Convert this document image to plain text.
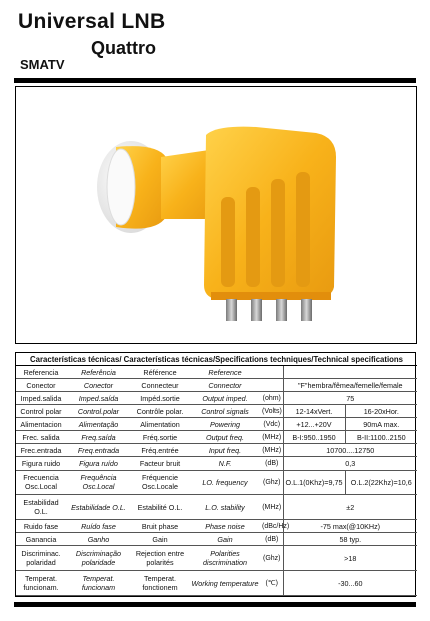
Universal LNB
Quattro
SMATV
Características técnicas/ Características técnicas/Specifications techniques/Technical specifications						
Referencia	Referência	Référence	Reference			
Conector	Conector	Connecteur	Connector		"F"hembra/fêmea/femelle/female	
Imped.salida	Imped.saída	Impéd.sortie	Output imped.	(ohm)	75	
Control polar	Control.polar	Contrôle polar.	Control signals	(Volts)	12-14xVert.	16-20xHor.
Alimentacion	Alimentação	Alimentation	Powering	(Vdc)	+12...+20V	90mA max.
Frec. salida	Freq.saída	Fréq.sortie	Output freq.	(MHz)	B-I:950..1950	B-II:1100..2150
Frec.entrada	Freq.entrada	Fréq.entrée	Input freq.	(MHz)	10700....12750	
Figura ruido	Figura ruído	Facteur bruit	N.F.	(dB)	0,3	
Frecuencia Osc.Local	Frequência Osc.Local	Fréquencie Osc.Locale	LO. frequency	(Ghz)	O.L.1(0Khz)=9,75	O.L.2(22Khz)=10,6
Estabilidad O.L.	Estabilidade O.L.	Estabilité O.L.	L.O. stability	(MHz)	±2	
Ruido fase	Ruído fase	Bruit phase	Phase noise	(dBc/Hz)	-75 max(@10KHz)	
Ganancia	Ganho	Gain	Gain	(dB)	58 typ.	
Discriminac. polaridad	Discriminação polaridade	Rejection entre polarités	Polarities discrimination	(Ghz)	>18	
Temperat. funcionam.	Temperat. funcionam	Temperat. fonctionem	Working temperature	(℃)	-30...60	
